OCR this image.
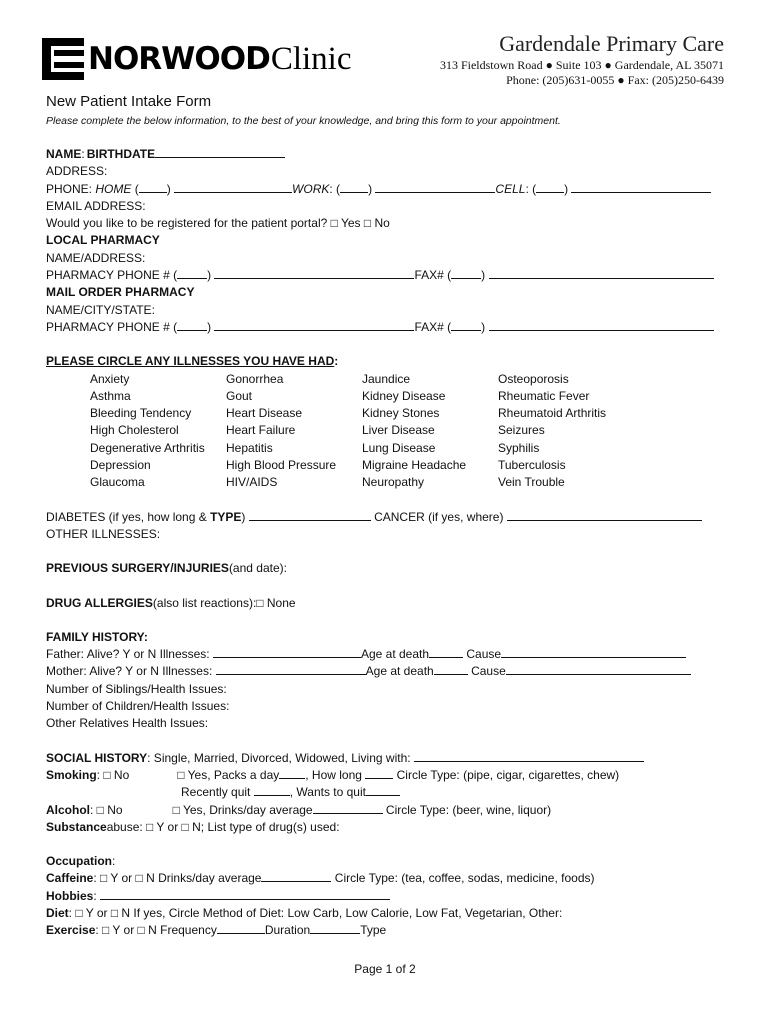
NORWOOD Clinic	Gardendale Primary Care
313 Fieldstown Road ● Suite 103 ● Gardendale, AL 35071
Phone: (205)631-0055 ● Fax: (205)250-6439
New Patient Intake Form
Please complete the below information, to the best of your knowledge, and bring this form to your appointment.
NAME : BIRTHDATE
ADDRESS:
PHONE: HOME ( )	WORK: ( )	CELL: ( )
EMAIL ADDRESS:
Would you like to be registered for the patient portal? □ Yes □ No
LOCAL PHARMACY
NAME/ADDRESS:
PHARMACY PHONE # (	)	FAX# (	)
MAIL ORDER PHARMACY
NAME/CITY/STATE:
PHARMACY PHONE # (	)	FAX# (	)
PLEASE CIRCLE ANY ILLNESSES YOU HAVE HAD:
Anxiety	Gonorrhea	Jaundice	Osteoporosis
Asthma	Gout	Kidney Disease	Rheumatic Fever
Bleeding Tendency	Heart Disease	Kidney Stones	Rheumatoid Arthritis
High Cholesterol	Heart Failure	Liver Disease	Seizures
Degenerative Arthritis	Hepatitis	Lung Disease	Syphilis
Depression	High Blood Pressure	Migraine Headache	Tuberculosis
Glaucoma	HIV/AIDS	Neuropathy	Vein Trouble
DIABETES (if yes, how long & TYPE)	CANCER (if yes, where)
OTHER ILLNESSES:
PREVIOUS SURGERY/INJURIES (and date):
DRUG ALLERGIES (also list reactions):□ None
FAMILY HISTORY:
Father: Alive? Y or N Illnesses:	Age at death	Cause
Mother: Alive? Y or N Illnesses:	Age at death	Cause
Number of Siblings/Health Issues:
Number of Children/Health Issues:
Other Relatives Health Issues:
SOCIAL HISTORY: Single, Married, Divorced, Widowed, Living with:
Smoking: □ No	□ Yes, Packs a day , How long	Circle Type: (pipe, cigar, cigarettes, chew)
Recently quit	, Wants to quit
Alcohol: □ No	□ Yes, Drinks/day average	Circle Type: (beer, wine, liquor)
Substance abuse: □ Y or □ N; List type of drug(s) used:
Occupation :
Caffeine: □ Y or □ N Drinks/day average	Circle Type: (tea, coffee, sodas, medicine, foods)
Hobbies:
Diet : □ Y or □ N If yes, Circle Method of Diet: Low Carb, Low Calorie, Low Fat, Vegetarian, Other:
Exercise : □ Y or □ N Frequency	Duration	Type
Page 1 of 2
